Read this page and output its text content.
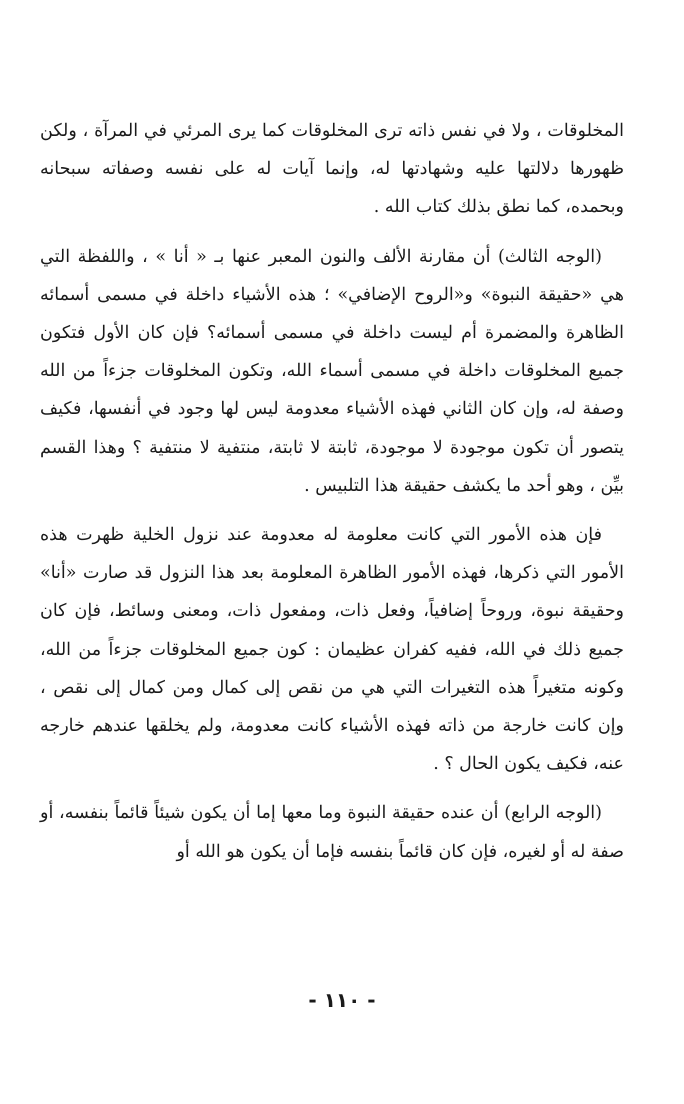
المخلوقات ، ولا في نفس ذاته ترى المخلوقات كما يرى المرئي في المرآة ، ولكن ظهورها دلالتها عليه وشهادتها له، وإنما آيات له على نفسه وصفاته سبحانه وبحمده، كما نطق بذلك كتاب الله .

(الوجه الثالث) أن مقارنة الألف والنون المعبر عنها بـ « أنا » ، واللفظة التي هي «حقيقة النبوة» و«الروح الإضافي» ؛ هذه الأشياء داخلة في مسمى أسمائه الظاهرة والمضمرة أم ليست داخلة في مسمى أسمائه؟ فإن كان الأول فتكون جميع المخلوقات داخلة في مسمى أسماء الله، وتكون المخلوقات جزءاً من الله وصفة له، وإن كان الثاني فهذه الأشياء معدومة ليس لها وجود في أنفسها، فكيف يتصور أن تكون موجودة لا موجودة، ثابتة لا ثابتة، منتفية لا منتفية ؟ وهذا القسم بيِّن ، وهو أحد ما يكشف حقيقة هذا التلبيس .

فإن هذه الأمور التي كانت معلومة له معدومة عند نزول الخلية ظهرت هذه الأمور التي ذكرها، فهذه الأمور الظاهرة المعلومة بعد هذا النزول قد صارت «أنا» وحقيقة نبوة، وروحاً إضافياً، وفعل ذات، ومفعول ذات، ومعنى وسائط، فإن كان جميع ذلك في الله، ففيه كفران عظيمان : كون جميع المخلوقات جزءاً من الله، وكونه متغيراً هذه التغيرات التي هي من نقص إلى كمال ومن كمال إلى نقص ، وإن كانت خارجة من ذاته فهذه الأشياء كانت معدومة، ولم يخلقها عندهم خارجه عنه، فكيف يكون الحال ؟ .

(الوجه الرابع) أن عنده حقيقة النبوة وما معها إما أن يكون شيئاً قائماً بنفسه، أو صفة له أو لغيره، فإن كان قائماً بنفسه فإما أن يكون هو الله أو

- ١١٠ -
